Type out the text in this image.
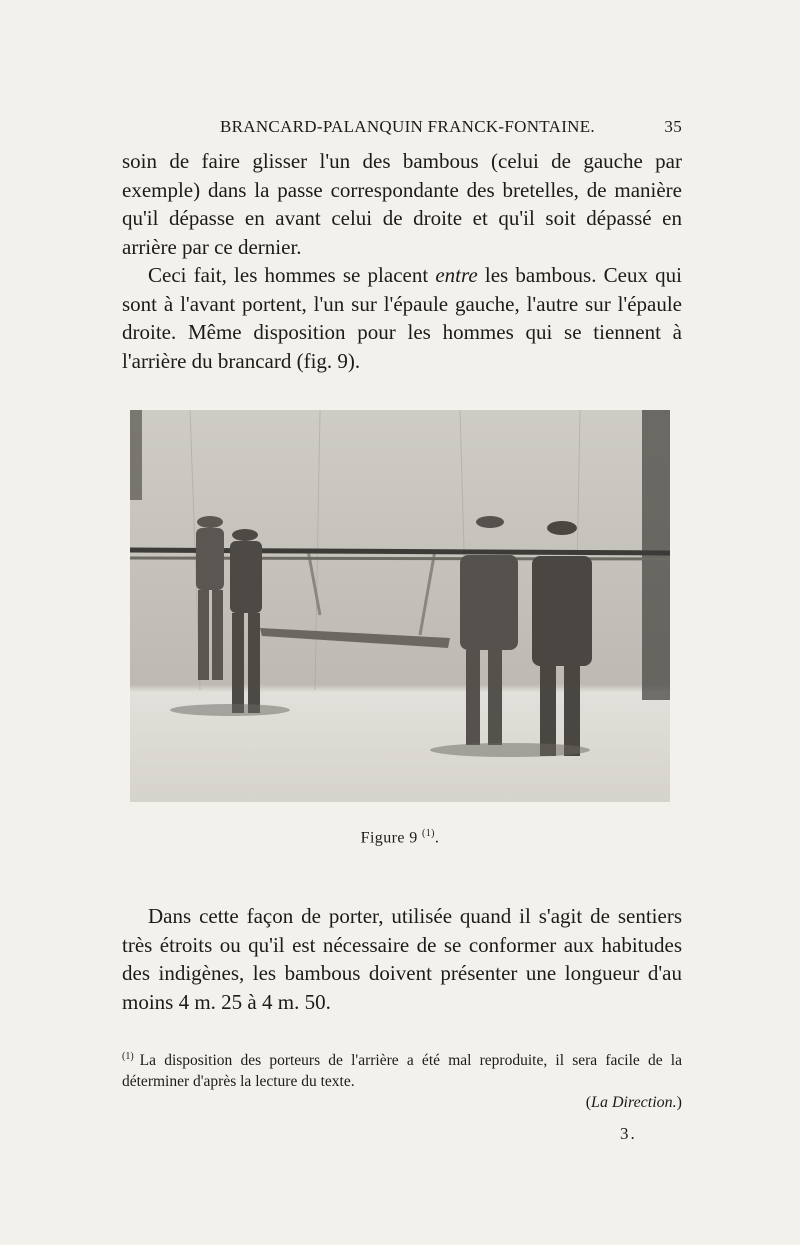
BRANCARD-PALANQUIN FRANCK-FONTAINE.	35

soin de faire glisser l'un des bambous (celui de gauche par exemple) dans la passe correspondante des bretelles, de manière qu'il dépasse en avant celui de droite et qu'il soit dépassé en arrière par ce dernier.

Ceci fait, les hommes se placent entre les bambous. Ceux qui sont à l'avant portent, l'un sur l'épaule gauche, l'autre sur l'épaule droite. Même disposition pour les hommes qui se tiennent à l'arrière du brancard (fig. 9).

Figure 9 $^{(1)}$.

Dans cette façon de porter, utilisée quand il s'agit de sentiers très étroits ou qu'il est nécessaire de se conformer aux habitudes des indigènes, les bambous doivent présenter une longueur d'au moins 4 m. 25 à 4 m. 50.

$^{(1)}$ La disposition des porteurs de l'arrière a été mal reproduite, il sera facile de la déterminer d'après la lecture du texte.
(La Direction.)
3.
